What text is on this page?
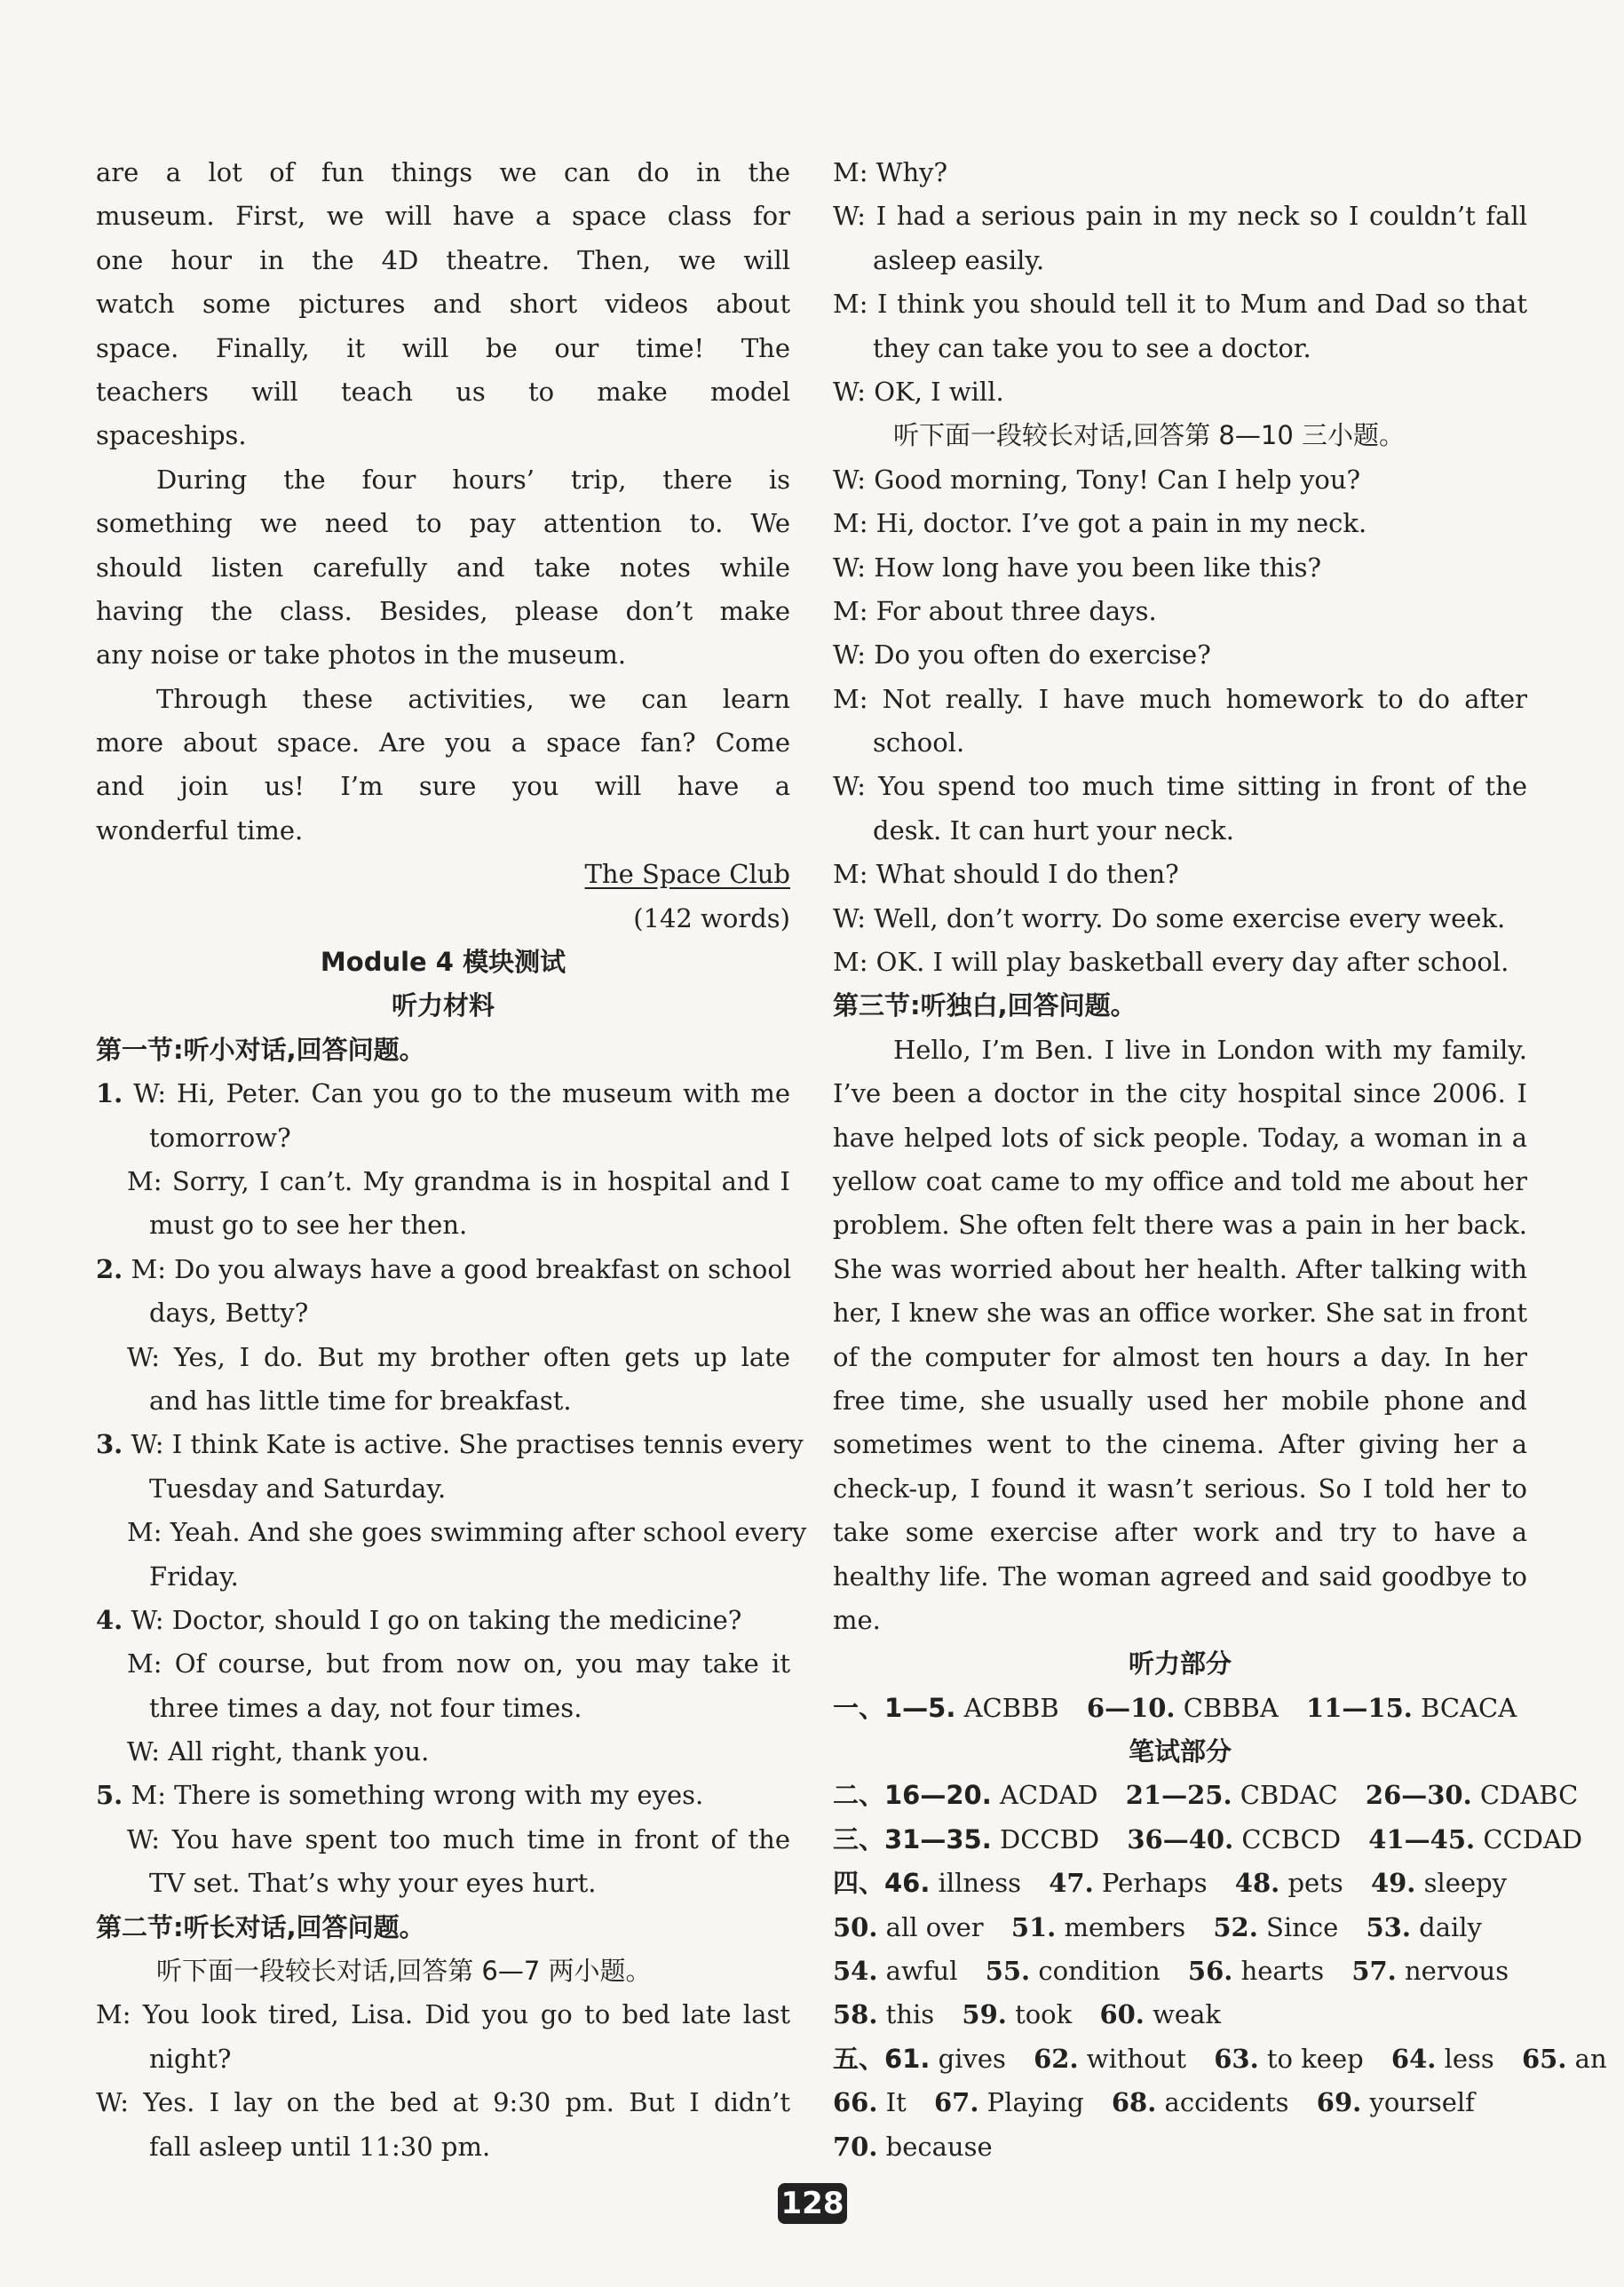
are a lot of fun things we can do in the
museum. First, we will have a space class for
one hour in the 4D theatre. Then, we will
watch some pictures and short videos about
space. Finally, it will be our time! The
teachers will teach us to make model
spaceships.
During the four hours’ trip, there is
something we need to pay attention to. We
should listen carefully and take notes while
having the class. Besides, please don’t make
any noise or take photos in the museum.
Through these activities, we can learn
more about space. Are you a space fan? Come
and join us! I’m sure you will have a
wonderful time.
The Space Club
(142 words)
Module 4 模块测试
听力材料
第一节:听小对话,回答问题。
1. W: Hi, Peter. Can you go to the museum with me
tomorrow?
M: Sorry, I can’t. My grandma is in hospital and I
must go to see her then.
2. M: Do you always have a good breakfast on school
days, Betty?
W: Yes, I do. But my brother often gets up late
and has little time for breakfast.
3. W: I think Kate is active. She practises tennis every
Tuesday and Saturday.
M: Yeah. And she goes swimming after school every
Friday.
4. W: Doctor, should I go on taking the medicine?
M: Of course, but from now on, you may take it
three times a day, not four times.
W: All right, thank you.
5. M: There is something wrong with my eyes.
W: You have spent too much time in front of the
TV set. That’s why your eyes hurt.
第二节:听长对话,回答问题。
听下面一段较长对话,回答第 6—7 两小题。
M: You look tired, Lisa. Did you go to bed late last
night?
W: Yes. I lay on the bed at 9:30 pm. But I didn’t
fall asleep until 11:30 pm.
M: Why?
W: I had a serious pain in my neck so I couldn’t fall
asleep easily.
M: I think you should tell it to Mum and Dad so that
they can take you to see a doctor.
W: OK, I will.
听下面一段较长对话,回答第 8—10 三小题。
W: Good morning, Tony! Can I help you?
M: Hi, doctor. I’ve got a pain in my neck.
W: How long have you been like this?
M: For about three days.
W: Do you often do exercise?
M: Not really. I have much homework to do after
school.
W: You spend too much time sitting in front of the
desk. It can hurt your neck.
M: What should I do then?
W: Well, don’t worry. Do some exercise every week.
M: OK. I will play basketball every day after school.
第三节:听独白,回答问题。
Hello, I’m Ben. I live in London with my family.
I’ve been a doctor in the city hospital since 2006. I
have helped lots of sick people. Today, a woman in a
yellow coat came to my office and told me about her
problem. She often felt there was a pain in her back.
She was worried about her health. After talking with
her, I knew she was an office worker. She sat in front
of the computer for almost ten hours a day. In her
free time, she usually used her mobile phone and
sometimes went to the cinema. After giving her a
check-up, I found it wasn’t serious. So I told her to
take some exercise after work and try to have a
healthy life. The woman agreed and said goodbye to
me.
听力部分
一、1—5. ACBBB 6—10. CBBBA 11—15. BCACA
笔试部分
二、16—20. ACDAD 21—25. CBDAC 26—30. CDABC
三、31—35. DCCBD 36—40. CCBCD 41—45. CCDAD
四、46. illness 47. Perhaps 48. pets 49. sleepy
50. all over 51. members 52. Since 53. daily
54. awful 55. condition 56. hearts 57. nervous
58. this 59. took 60. weak
五、61. gives 62. without 63. to keep 64. less 65. an
66. It 67. Playing 68. accidents 69. yourself
70. because
128
